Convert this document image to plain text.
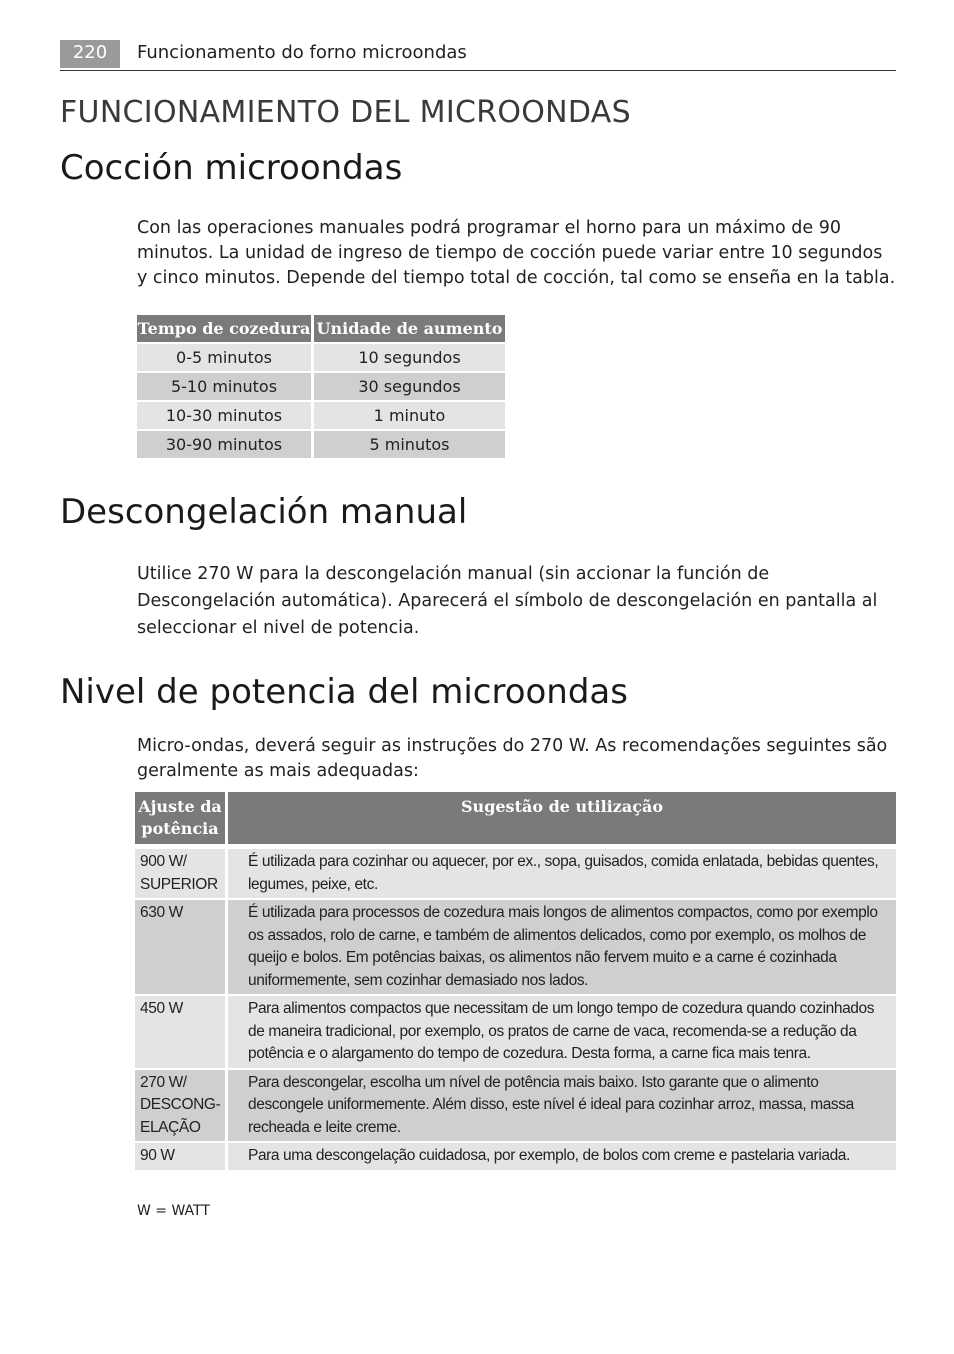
220	Funcionamento do forno microondas
FUNCIONAMIENTO DEL MICROONDAS
Cocción microondas

Con las operaciones manuales podrá programar el horno para un máximo de 90 minutos. La unidad de ingreso de tiempo de cocción puede variar entre 10 segundos y cinco minutos. Depende del tiempo total de cocción, tal como se enseña en la tabla.

Tempo de cozedura	Unidade de aumento
0-5 minutos	10 segundos
5-10 minutos	30 segundos
10-30 minutos	1 minuto
30-90 minutos	5 minutos
Descongelación manual

Utilice 270 W para la descongelación manual (sin accionar la función de Descongelación automática). Aparecerá el símbolo de descongelación en pantalla al seleccionar el nivel de potencia.

Nivel de potencia del microondas

Micro-ondas, deverá seguir as instruções do 270 W. As recomendações seguintes são geralmente as mais adequadas:

Ajuste da potência	Sugestão de utilização
900 W/ SUPERIOR	É utilizada para cozinhar ou aquecer, por ex., sopa, guisados, comida enlatada, bebidas quentes, legumes, peixe, etc.
630 W	É utilizada para processos de cozedura mais longos de alimentos compactos, como por exemplo os assados, rolo de carne, e também de alimentos delicados, como por exemplo, os molhos de queijo e bolos. Em potências baixas, os alimentos não fervem muito e a carne é cozinhada uniformemente, sem cozinhar demasiado nos lados.
450 W	Para alimentos compactos que necessitam de um longo tempo de cozedura quando cozinhados de maneira tradicional, por exemplo, os pratos de carne de vaca, recomenda-se a redução da potência e o alargamento do tempo de cozedura. Desta forma, a carne fica mais tenra.
270 W/ DESCONG- ELAÇÃO	Para descongelar, escolha um nível de potência mais baixo. Isto garante que o alimento descongele uniformemente. Além disso, este nível é ideal para cozinhar arroz, massa, massa recheada e leite creme.
90 W	Para uma descongelação cuidadosa, por exemplo, de bolos com creme e pastelaria variada.
W = WATT
